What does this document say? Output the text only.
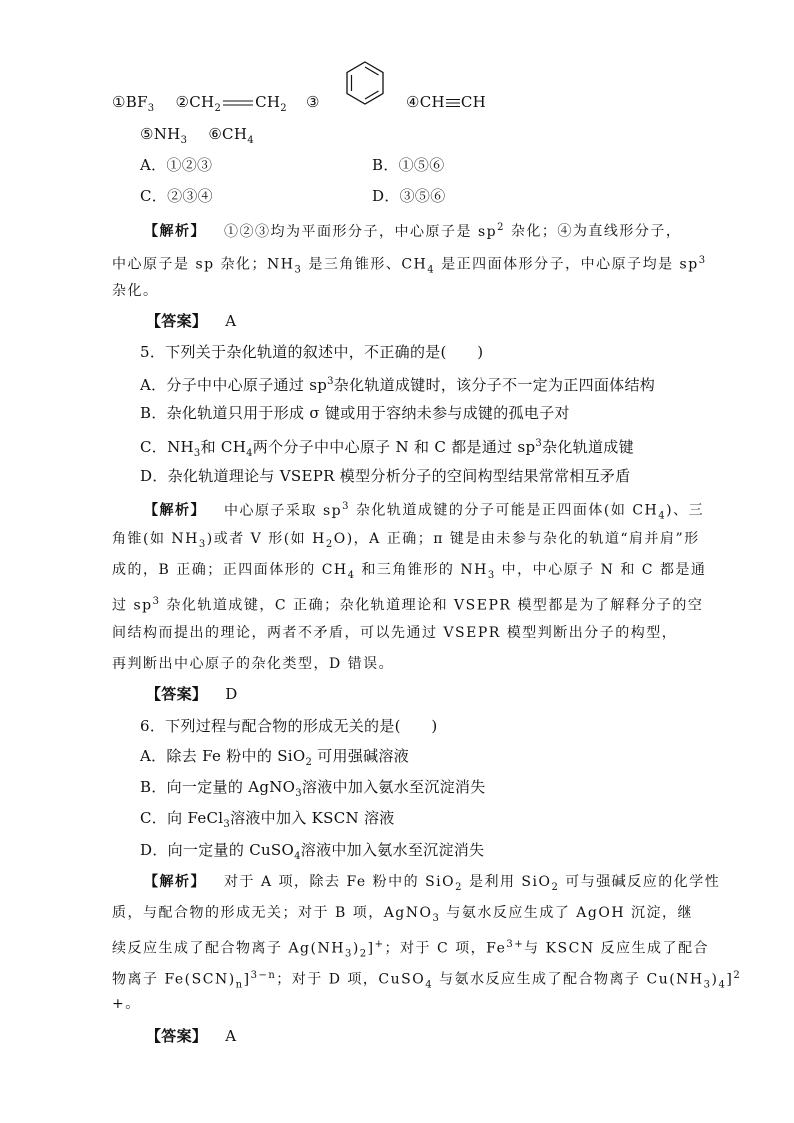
$①BF_3$ $②CH_2$ $CH_2$ ③	④CH CH
$⑤NH_3$ $⑥CH_4$
A．①②③	B．①⑤⑥
C．②③④	D．③⑤⑥
【解析】 ①②③均为平面形分子，中心原子是 $sp^2$ 杂化；④为直线形分子，
中心原子是 sp 杂化；$NH_3$ 是三角锥形、$CH_4$ 是正四面体形分子，中心原子均是 $sp^3$
杂化。
【答案】 A
5．下列关于杂化轨道的叙述中，不正确的是(　　)
A．分子中中心原子通过 $sp^3$杂化轨道成键时，该分子不一定为正四面体结构
B．杂化轨道只用于形成 σ 键或用于容纳未参与成键的孤电子对
C．$NH_3$和 $CH_4$两个分子中中心原子 N 和 C 都是通过 $sp^3$杂化轨道成键
D．杂化轨道理论与 VSEPR 模型分析分子的空间构型结果常常相互矛盾
【解析】 中心原子采取 $sp^3$ 杂化轨道成键的分子可能是正四面体(如 $CH_4$)、三
角锥(如 $NH_3$)或者 V 形(如 $H_2O$)，A 正确；π 键是由未参与杂化的轨道“肩并肩”形
成的，B 正确；正四面体形的 $CH_4$ 和三角锥形的 $NH_3$ 中，中心原子 N 和 C 都是通
过 $sp^3$ 杂化轨道成键，C 正确；杂化轨道理论和 VSEPR 模型都是为了解释分子的空
间结构而提出的理论，两者不矛盾，可以先通过 VSEPR 模型判断出分子的构型，
再判断出中心原子的杂化类型，D 错误。
【答案】 D
6．下列过程与配合物的形成无关的是(　　)
A．除去 Fe 粉中的 SiO$_2$ 可用强碱溶液
B．向一定量的 AgNO$_3$溶液中加入氨水至沉淀消失
C．向 FeCl$_3$溶液中加入 KSCN 溶液
D．向一定量的 CuSO$_4$溶液中加入氨水至沉淀消失
【解析】 对于 A 项，除去 Fe 粉中的 SiO$_2$ 是利用 SiO$_2$ 可与强碱反应的化学性
质，与配合物的形成无关；对于 B 项，AgNO$_3$ 与氨水反应生成了 AgOH 沉淀，继
续反应生成了配合物离子 $Ag(NH_3)_2]^+$；对于 C 项，$Fe^{3+}$与 KSCN 反应生成了配合
物离子 $Fe(SCN)_n]^{3-n}$；对于 D 项，CuSO$_4$ 与氨水反应生成了配合物离子 $Cu(NH_3)_4]^2$
+。
【答案】 A
